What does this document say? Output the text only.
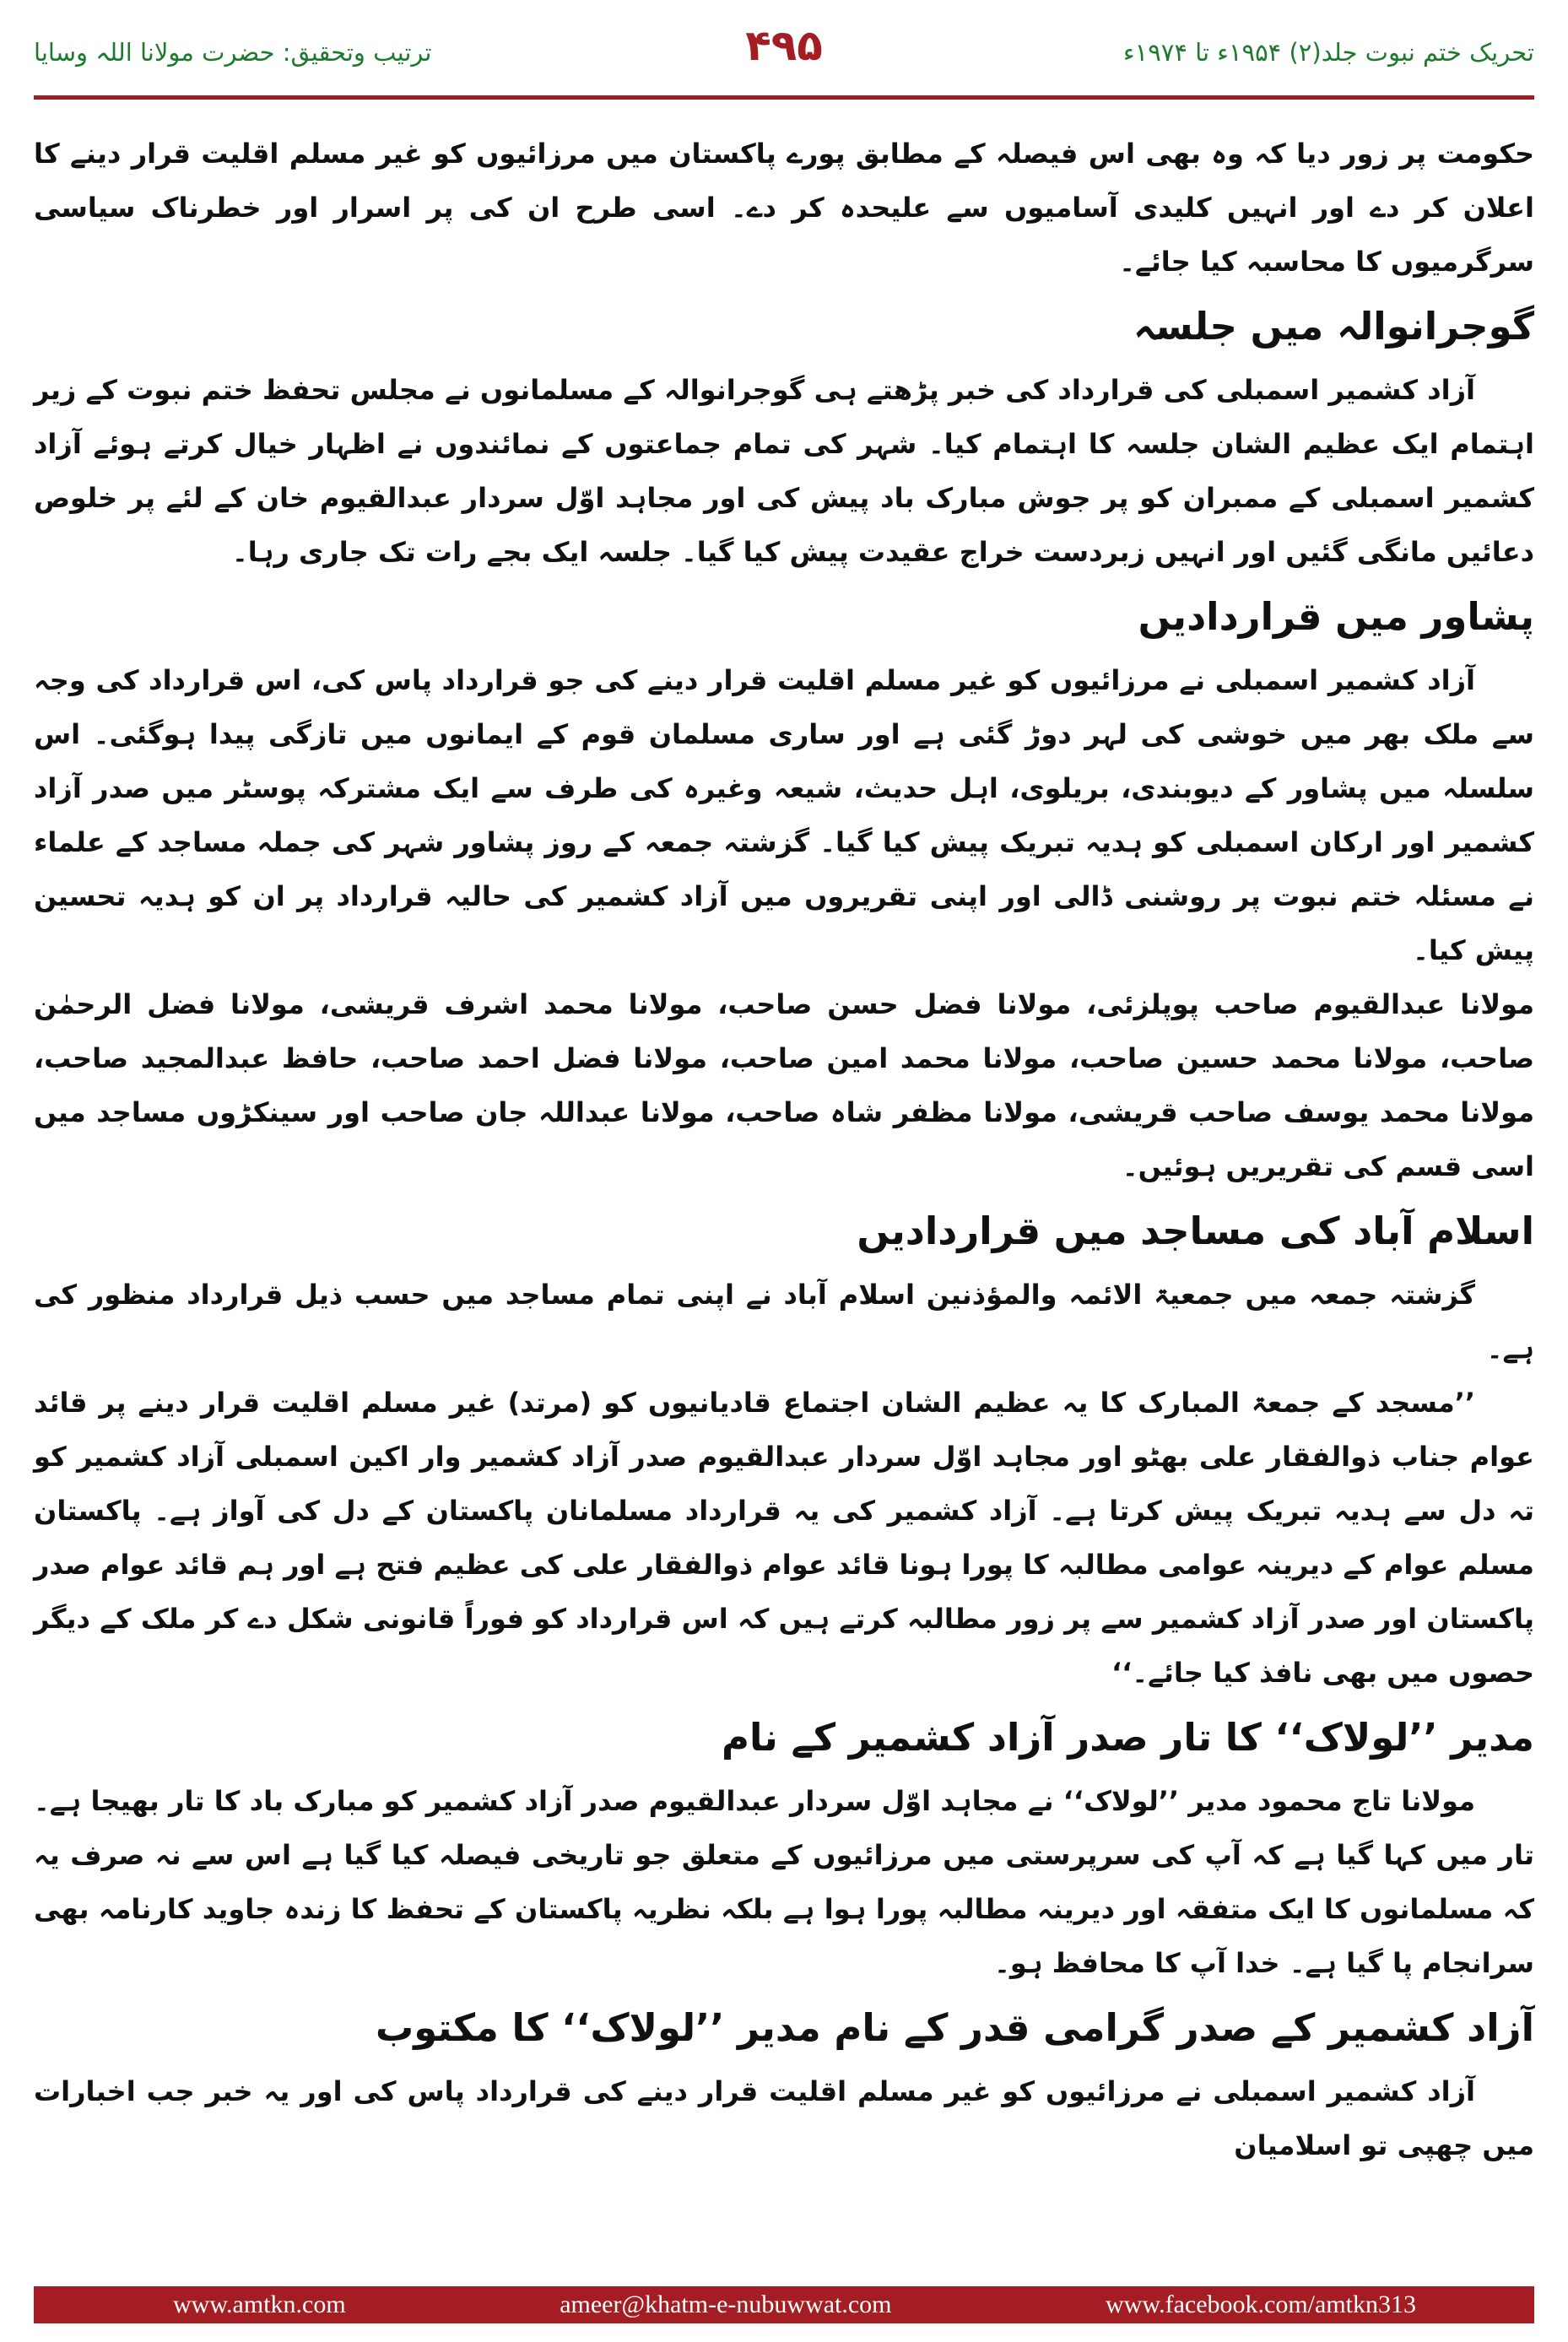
تحریک ختم نبوت جلد(۲) ۱۹۵۴ء تا ۱۹۷۴ء
۴۹۵
ترتیب وتحقیق: حضرت مولانا اللہ وسایا

حکومت پر زور دیا کہ وہ بھی اس فیصلہ کے مطابق پورے پاکستان میں مرزائیوں کو غیر مسلم اقلیت قرار دینے کا اعلان کر دے اور انہیں کلیدی آسامیوں سے علیحدہ کر دے۔ اسی طرح ان کی پر اسرار اور خطرناک سیاسی سرگرمیوں کا محاسبہ کیا جائے۔

گوجرانوالہ میں جلسہ

آزاد کشمیر اسمبلی کی قرارداد کی خبر پڑھتے ہی گوجرانوالہ کے مسلمانوں نے مجلس تحفظ ختم نبوت کے زیر اہتمام ایک عظیم الشان جلسہ کا اہتمام کیا۔ شہر کی تمام جماعتوں کے نمائندوں نے اظہار خیال کرتے ہوئے آزاد کشمیر اسمبلی کے ممبران کو پر جوش مبارک باد پیش کی اور مجاہد اوّل سردار عبدالقیوم خان کے لئے پر خلوص دعائیں مانگی گئیں اور انہیں زبردست خراج عقیدت پیش کیا گیا۔ جلسہ ایک بجے رات تک جاری رہا۔

پشاور میں قراردادیں

آزاد کشمیر اسمبلی نے مرزائیوں کو غیر مسلم اقلیت قرار دینے کی جو قرارداد پاس کی، اس قرارداد کی وجہ سے ملک بھر میں خوشی کی لہر دوڑ گئی ہے اور ساری مسلمان قوم کے ایمانوں میں تازگی پیدا ہوگئی۔ اس سلسلہ میں پشاور کے دیوبندی، بریلوی، اہل حدیث، شیعہ وغیرہ کی طرف سے ایک مشترکہ پوسٹر میں صدر آزاد کشمیر اور ارکان اسمبلی کو ہدیہ تبریک پیش کیا گیا۔ گزشتہ جمعہ کے روز پشاور شہر کی جملہ مساجد کے علماء نے مسئلہ ختم نبوت پر روشنی ڈالی اور اپنی تقریروں میں آزاد کشمیر کی حالیہ قرارداد پر ان کو ہدیہ تحسین پیش کیا۔

مولانا عبدالقیوم صاحب پوپلزئی، مولانا فضل حسن صاحب، مولانا محمد اشرف قریشی، مولانا فضل الرحمٰن صاحب، مولانا محمد حسین صاحب، مولانا محمد امین صاحب، مولانا فضل احمد صاحب، حافظ عبدالمجید صاحب، مولانا محمد یوسف صاحب قریشی، مولانا مظفر شاہ صاحب، مولانا عبداللہ جان صاحب اور سینکڑوں مساجد میں اسی قسم کی تقریریں ہوئیں۔

اسلام آباد کی مساجد میں قراردادیں

گزشتہ جمعہ میں جمعیۃ الائمہ والمؤذنین اسلام آباد نے اپنی تمام مساجد میں حسب ذیل قرارداد منظور کی ہے۔

’’مسجد کے جمعۃ المبارک کا یہ عظیم الشان اجتماع قادیانیوں کو (مرتد) غیر مسلم اقلیت قرار دینے پر قائد عوام جناب ذوالفقار علی بھٹو اور مجاہد اوّل سردار عبدالقیوم صدر آزاد کشمیر وار اکین اسمبلی آزاد کشمیر کو تہ دل سے ہدیہ تبریک پیش کرتا ہے۔ آزاد کشمیر کی یہ قرارداد مسلمانان پاکستان کے دل کی آواز ہے۔ پاکستان مسلم عوام کے دیرینہ عوامی مطالبہ کا پورا ہونا قائد عوام ذوالفقار علی کی عظیم فتح ہے اور ہم قائد عوام صدر پاکستان اور صدر آزاد کشمیر سے پر زور مطالبہ کرتے ہیں کہ اس قرارداد کو فوراً قانونی شکل دے کر ملک کے دیگر حصوں میں بھی نافذ کیا جائے۔‘‘

مدیر ’’لولاک‘‘ کا تار صدر آزاد کشمیر کے نام

مولانا تاج محمود مدیر ’’لولاک‘‘ نے مجاہد اوّل سردار عبدالقیوم صدر آزاد کشمیر کو مبارک باد کا تار بھیجا ہے۔ تار میں کہا گیا ہے کہ آپ کی سرپرستی میں مرزائیوں کے متعلق جو تاریخی فیصلہ کیا گیا ہے اس سے نہ صرف یہ کہ مسلمانوں کا ایک متفقہ اور دیرینہ مطالبہ پورا ہوا ہے بلکہ نظریہ پاکستان کے تحفظ کا زندہ جاوید کارنامہ بھی سرانجام پا گیا ہے۔ خدا آپ کا محافظ ہو۔

آزاد کشمیر کے صدر گرامی قدر کے نام مدیر ’’لولاک‘‘ کا مکتوب

آزاد کشمیر اسمبلی نے مرزائیوں کو غیر مسلم اقلیت قرار دینے کی قرارداد پاس کی اور یہ خبر جب اخبارات میں چھپی تو اسلامیان

www.amtkn.com	ameer@khatm-e-nubuwwat.com	www.facebook.com/amtkn313
